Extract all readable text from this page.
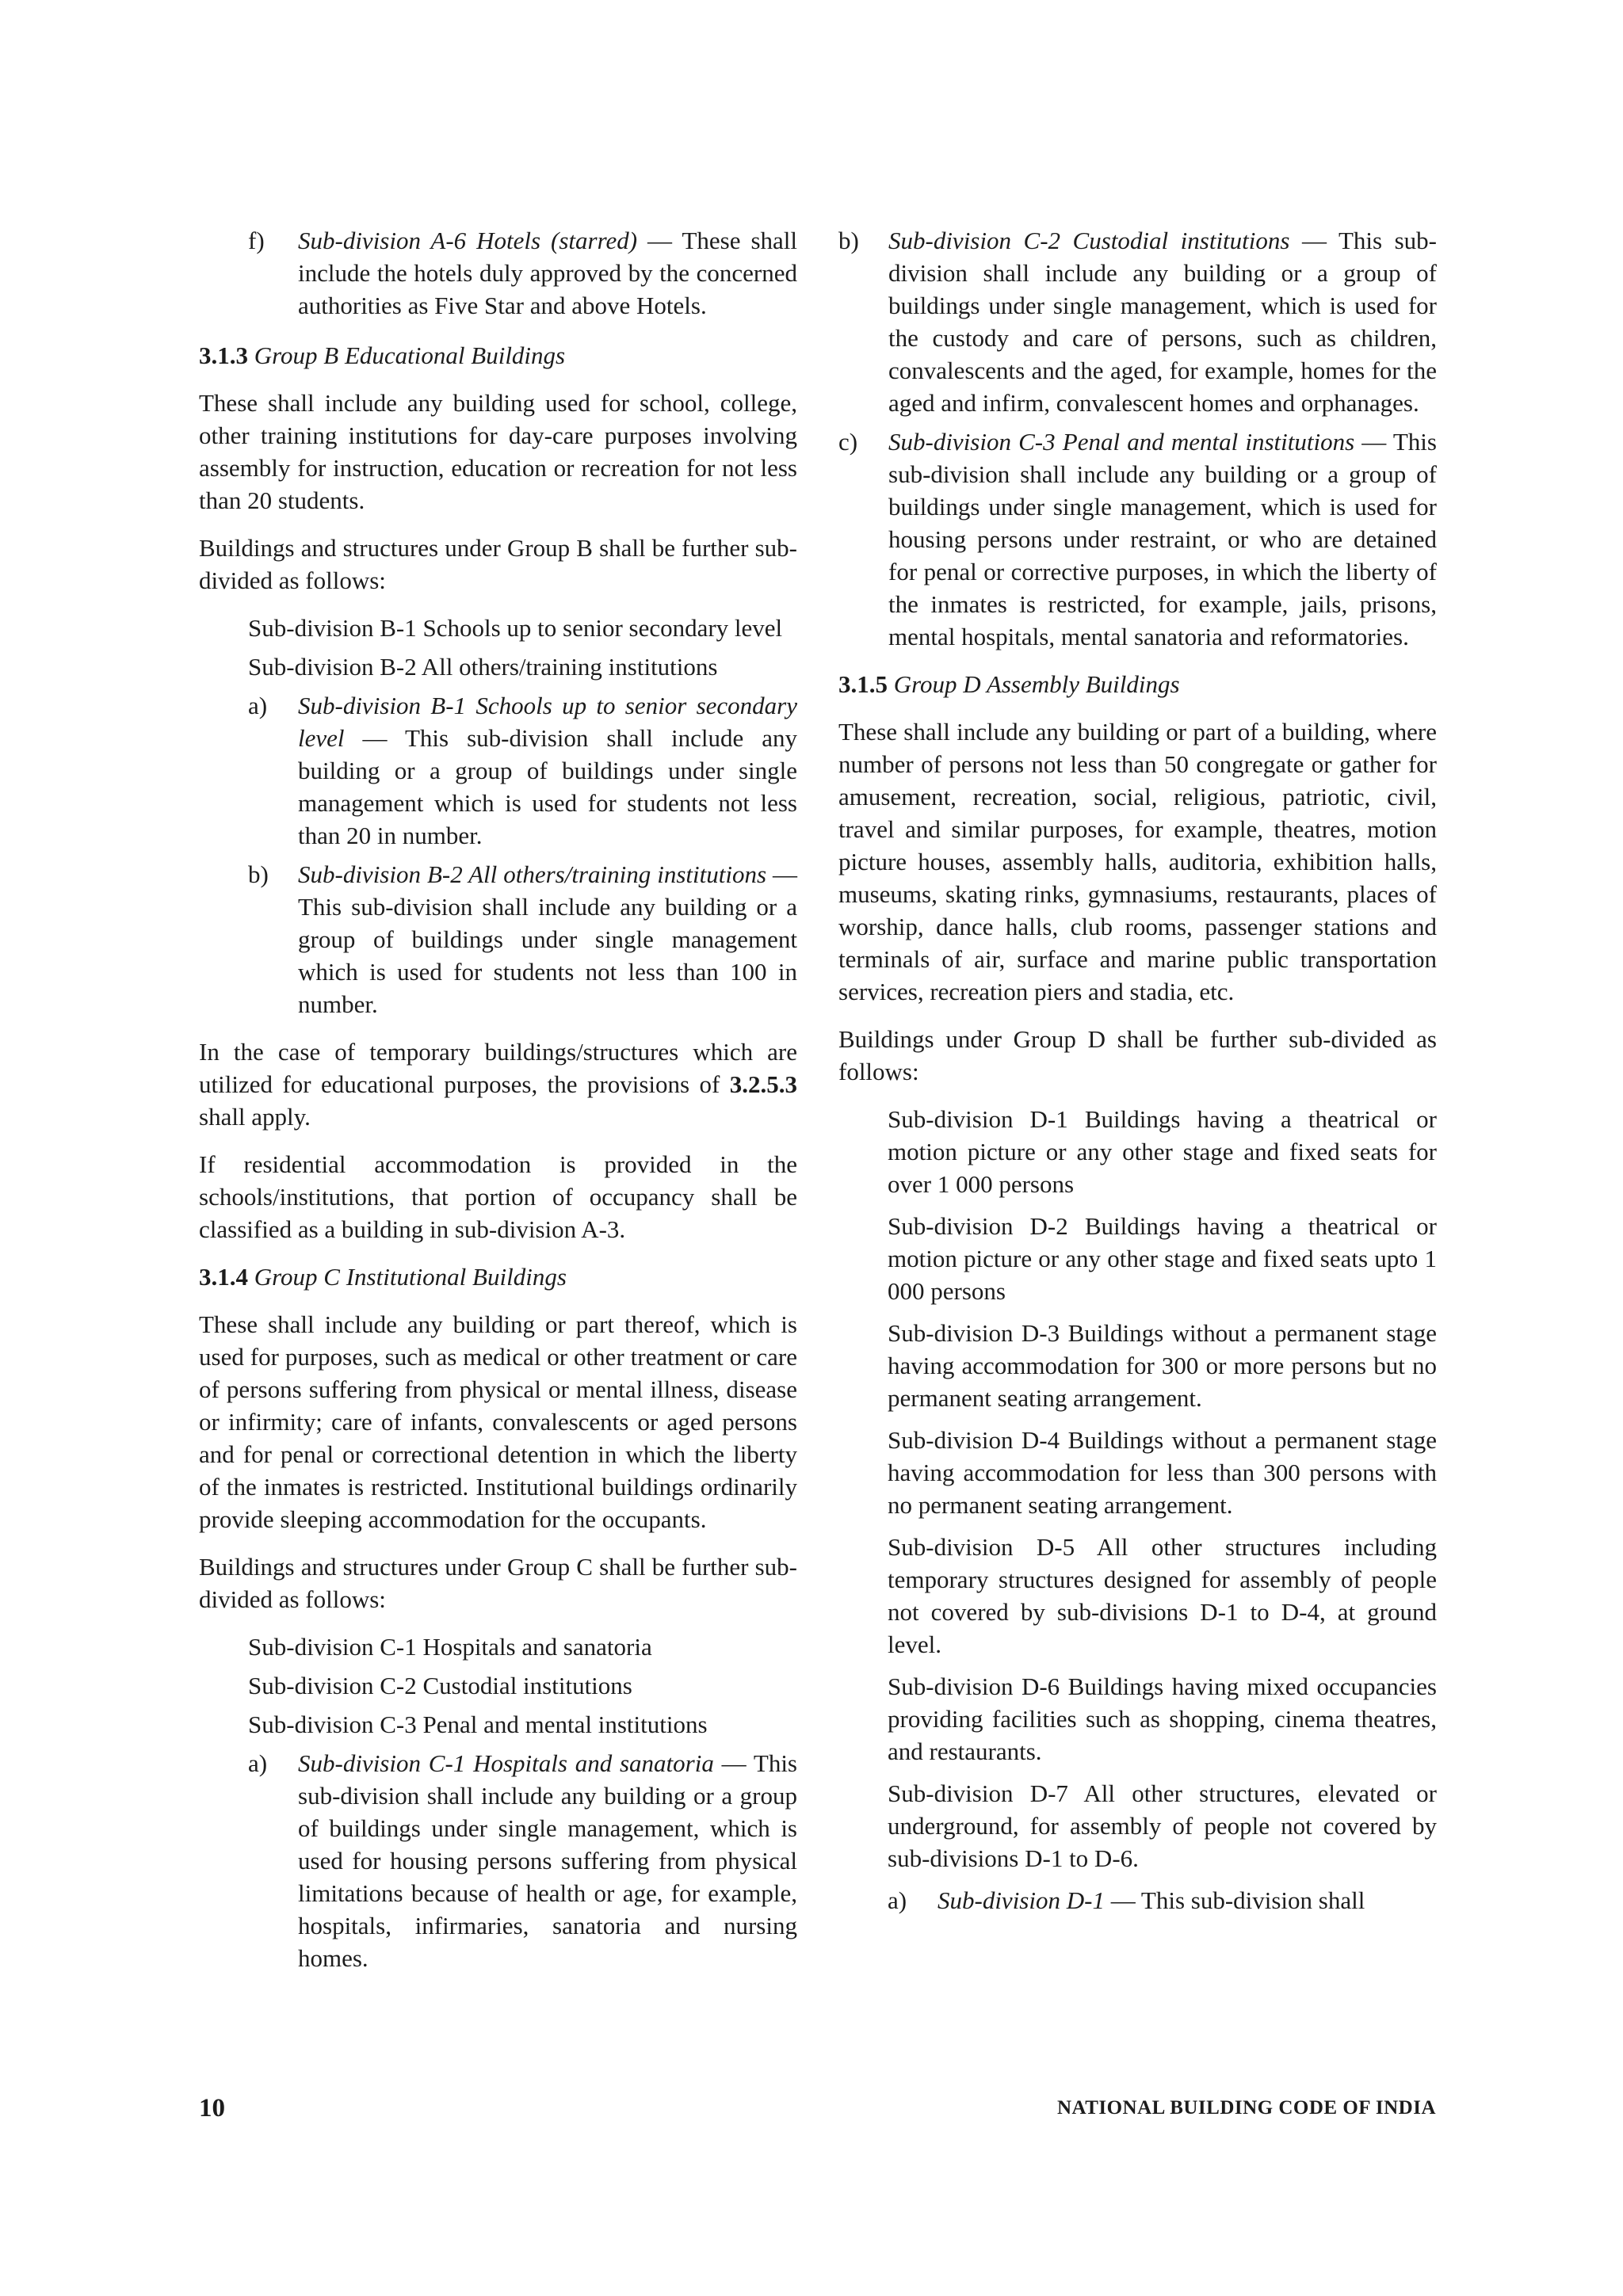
f)	Sub-division A-6 Hotels (starred) — These shall include the hotels duly approved by the concerned authorities as Five Star and above Hotels.
3.1.3 Group B Educational Buildings

These shall include any building used for school, college, other training institutions for day-care purposes involving assembly for instruction, education or recreation for not less than 20 students.

Buildings and structures under Group B shall be further sub-divided as follows:

Sub-division B-1 Schools up to senior secondary level
Sub-division B-2 All others/training institutions
a)	Sub-division B-1 Schools up to senior secondary level — This sub-division shall include any building or a group of buildings under single management which is used for students not less than 20 in number.
b)	Sub-division B-2 All others/training institutions — This sub-division shall include any building or a group of buildings under single management which is used for students not less than 100 in number.

In the case of temporary buildings/structures which are utilized for educational purposes, the provisions of 3.2.5.3 shall apply.

If residential accommodation is provided in the schools/institutions, that portion of occupancy shall be classified as a building in sub-division A-3.

3.1.4 Group C Institutional Buildings

These shall include any building or part thereof, which is used for purposes, such as medical or other treatment or care of persons suffering from physical or mental illness, disease or infirmity; care of infants, convalescents or aged persons and for penal or correctional detention in which the liberty of the inmates is restricted. Institutional buildings ordinarily provide sleeping accommodation for the occupants.

Buildings and structures under Group C shall be further sub-divided as follows:

Sub-division C-1 Hospitals and sanatoria
Sub-division C-2 Custodial institutions
Sub-division C-3 Penal and mental institutions
a)	Sub-division C-1 Hospitals and sanatoria — This sub-division shall include any building or a group of buildings under single management, which is used for housing persons suffering from physical limitations because of health or age, for example, hospitals, infirmaries, sanatoria and nursing homes.
b)	Sub-division C-2 Custodial institutions — This sub-division shall include any building or a group of buildings under single management, which is used for the custody and care of persons, such as children, convalescents and the aged, for example, homes for the aged and infirm, convalescent homes and orphanages.
c)	Sub-division C-3 Penal and mental institutions — This sub-division shall include any building or a group of buildings under single management, which is used for housing persons under restraint, or who are detained for penal or corrective purposes, in which the liberty of the inmates is restricted, for example, jails, prisons, mental hospitals, mental sanatoria and reformatories.
3.1.5 Group D Assembly Buildings

These shall include any building or part of a building, where number of persons not less than 50 congregate or gather for amusement, recreation, social, religious, patriotic, civil, travel and similar purposes, for example, theatres, motion picture houses, assembly halls, auditoria, exhibition halls, museums, skating rinks, gymnasiums, restaurants, places of worship, dance halls, club rooms, passenger stations and terminals of air, surface and marine public transportation services, recreation piers and stadia, etc.

Buildings under Group D shall be further sub-divided as follows:

Sub-division D-1 Buildings having a theatrical or motion picture or any other stage and fixed seats for over 1 000 persons

Sub-division D-2 Buildings having a theatrical or motion picture or any other stage and fixed seats upto 1 000 persons

Sub-division D-3 Buildings without a permanent stage having accommodation for 300 or more persons but no permanent seating arrangement.

Sub-division D-4 Buildings without a permanent stage having accommodation for less than 300 persons with no permanent seating arrangement.

Sub-division D-5 All other structures including temporary structures designed for assembly of people not covered by sub-divisions D-1 to D-4, at ground level.

Sub-division D-6 Buildings having mixed occupancies providing facilities such as shopping, cinema theatres, and restaurants.

Sub-division D-7 All other structures, elevated or underground, for assembly of people not covered by sub-divisions D-1 to D-6.

a)	Sub-division D-1 — This sub-division shall
10	NATIONAL BUILDING CODE OF INDIA
